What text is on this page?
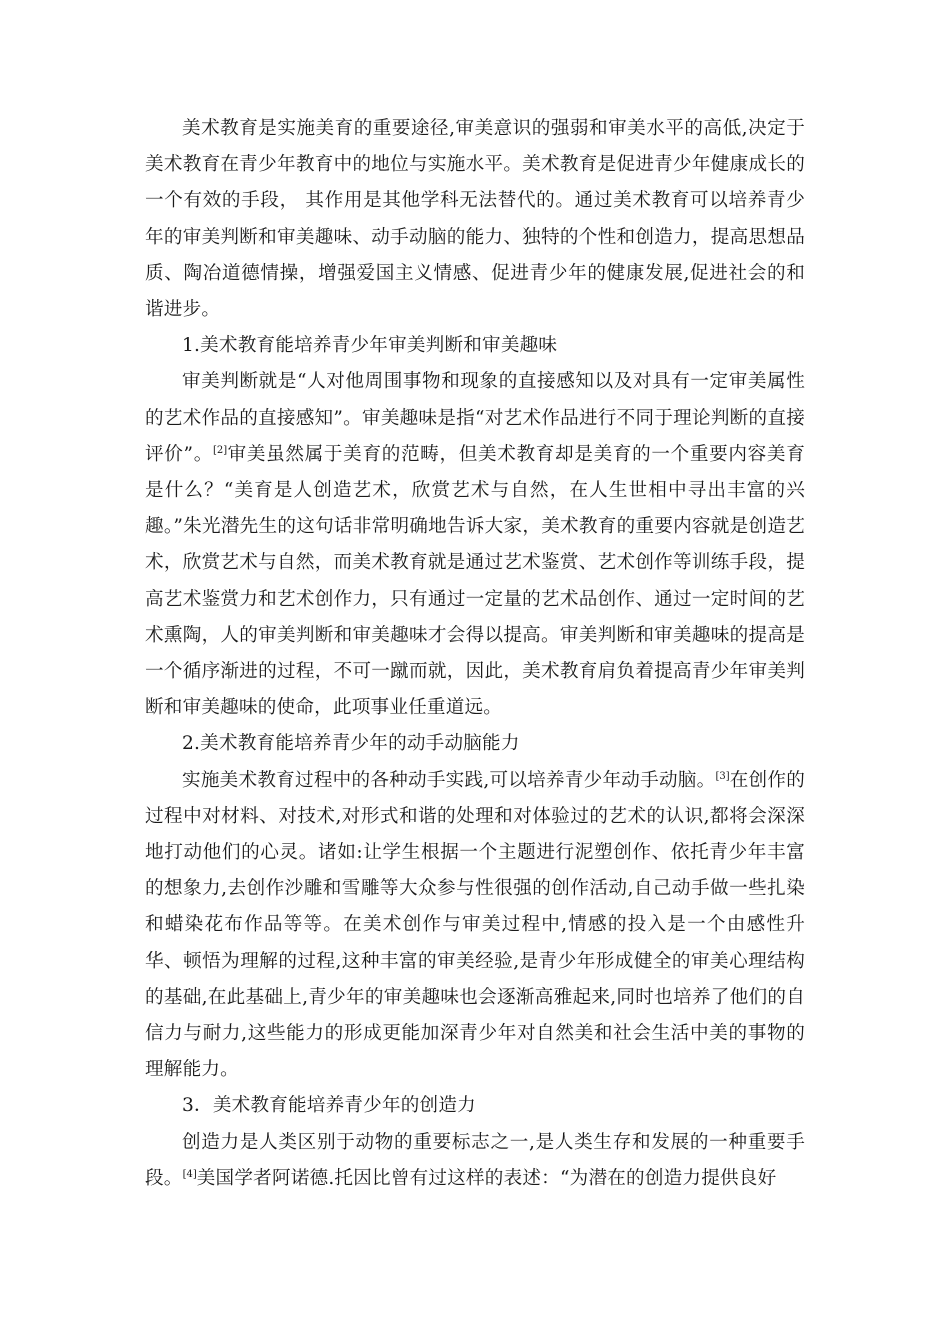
美术教育是实施美育的重要途径,审美意识的强弱和审美水平的高低,决定于美术教育在青少年教育中的地位与实施水平。美术教育是促进青少年健康成长的一个有效的手段， 其作用是其他学科无法替代的。通过美术教育可以培养青少年的审美判断和审美趣味、动手动脑的能力、独特的个性和创造力，提高思想品质、陶冶道德情操，增强爱国主义情感、促进青少年的健康发展,促进社会的和谐进步。

1.美术教育能培养青少年审美判断和审美趣味

审美判断就是“人对他周围事物和现象的直接感知以及对具有一定审美属性的艺术作品的直接感知”。审美趣味是指“对艺术作品进行不同于理论判断的直接评价”。[2]审美虽然属于美育的范畴，但美术教育却是美育的一个重要内容美育是什么？“美育是人创造艺术，欣赏艺术与自然，在人生世相中寻出丰富的兴趣。”朱光潜先生的这句话非常明确地告诉大家，美术教育的重要内容就是创造艺术，欣赏艺术与自然，而美术教育就是通过艺术鉴赏、艺术创作等训练手段，提高艺术鉴赏力和艺术创作力，只有通过一定量的艺术品创作、通过一定时间的艺术熏陶，人的审美判断和审美趣味才会得以提高。审美判断和审美趣味的提高是一个循序渐进的过程，不可一蹴而就，因此，美术教育肩负着提高青少年审美判断和审美趣味的使命，此项事业任重道远。

2.美术教育能培养青少年的动手动脑能力

实施美术教育过程中的各种动手实践,可以培养青少年动手动脑。[3]在创作的过程中对材料、对技术,对形式和谐的处理和对体验过的艺术的认识,都将会深深地打动他们的心灵。诸如:让学生根据一个主题进行泥塑创作、依托青少年丰富的想象力,去创作沙雕和雪雕等大众参与性很强的创作活动,自己动手做一些扎染和蜡染花布作品等等。在美术创作与审美过程中,情感的投入是一个由感性升华、顿悟为理解的过程,这种丰富的审美经验,是青少年形成健全的审美心理结构的基础,在此基础上,青少年的审美趣味也会逐渐高雅起来,同时也培养了他们的自信力与耐力,这些能力的形成更能加深青少年对自然美和社会生活中美的事物的理解能力。

3．美术教育能培养青少年的创造力

创造力是人类区别于动物的重要标志之一,是人类生存和发展的一种重要手段。[4]美国学者阿诺德.托因比曾有过这样的表述：“为潜在的创造力提供良好
